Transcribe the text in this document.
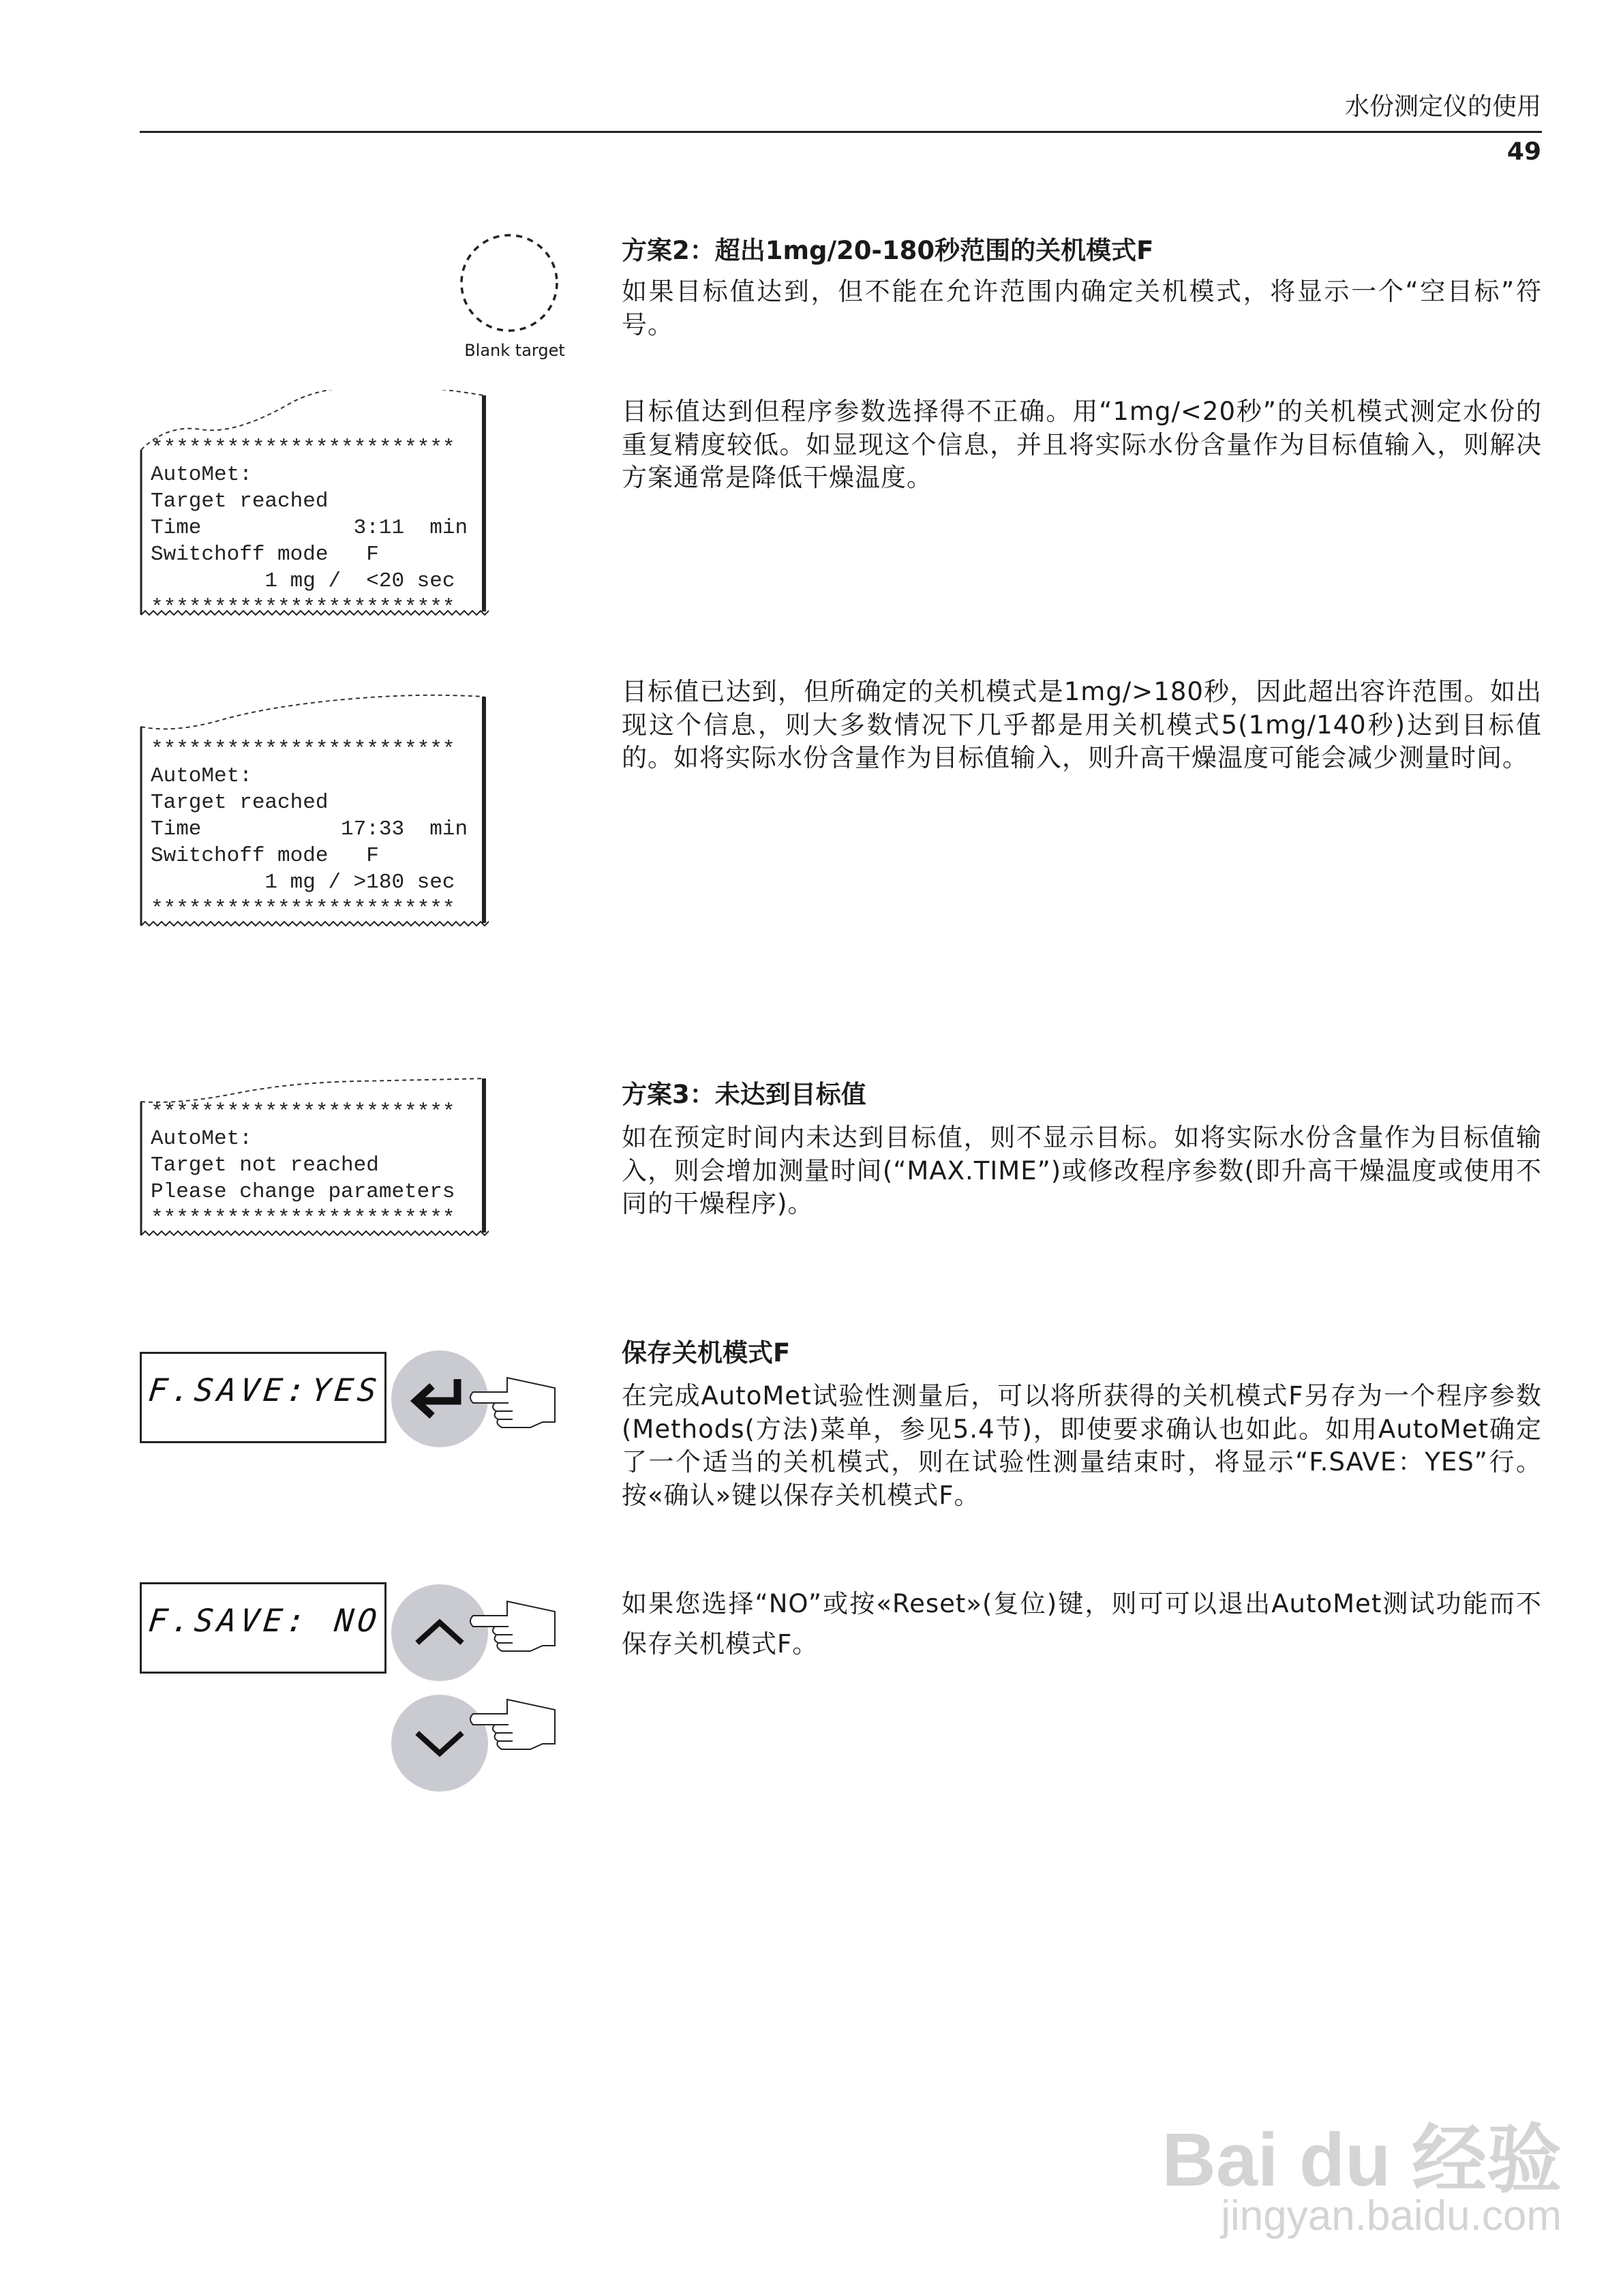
水份测定仪的使用
49
Blank target
方案2：超出1mg/20-180秒范围的关机模式F
如果目标值达到，但不能在允许范围内确定关机模式，将显示一个“空目标”符号。
目标值达到但程序参数选择得不正确。用“1mg/<20秒”的关机模式测定水份的重复精度较低。如显现这个信息，并且将实际水份含量作为目标值输入，则解决方案通常是降低干燥温度。
目标值已达到，但所确定的关机模式是1mg/>180秒，因此超出容许范围。如出现这个信息，则大多数情况下几乎都是用关机模式5(1mg/140秒)达到目标值的。如将实际水份含量作为目标值输入，则升高干燥温度可能会减少测量时间。
方案3：未达到目标值
如在预定时间内未达到目标值，则不显示目标。如将实际水份含量作为目标值输入，则会增加测量时间(“MAX.TIME”)或修改程序参数(即升高干燥温度或使用不同的干燥程序)。
保存关机模式F
在完成AutoMet试验性测量后，可以将所获得的关机模式F另存为一个程序参数(Methods(方法)菜单，参见5.4节)，即使要求确认也如此。如用AutoMet确定了一个适当的关机模式，则在试验性测量结束时，将显示“F.SAVE：YES”行。按«确认»键以保存关机模式F。
如果您选择“NO”或按«Reset»(复位)键，则可可以退出AutoMet测试功能而不保存关机模式F。
************************
AutoMet:
Target reached
Time            3:11  min
Switchoff mode   F
1 mg /  <20 sec
************************
************************
AutoMet:
Target reached
Time           17:33  min
Switchoff mode   F
1 mg / >180 sec
************************
************************
AutoMet:
Target not reached
Please change parameters
************************
F.SAVE:
YES
F.SAVE: NO
Bai du 经验
jingyan.baidu.com
